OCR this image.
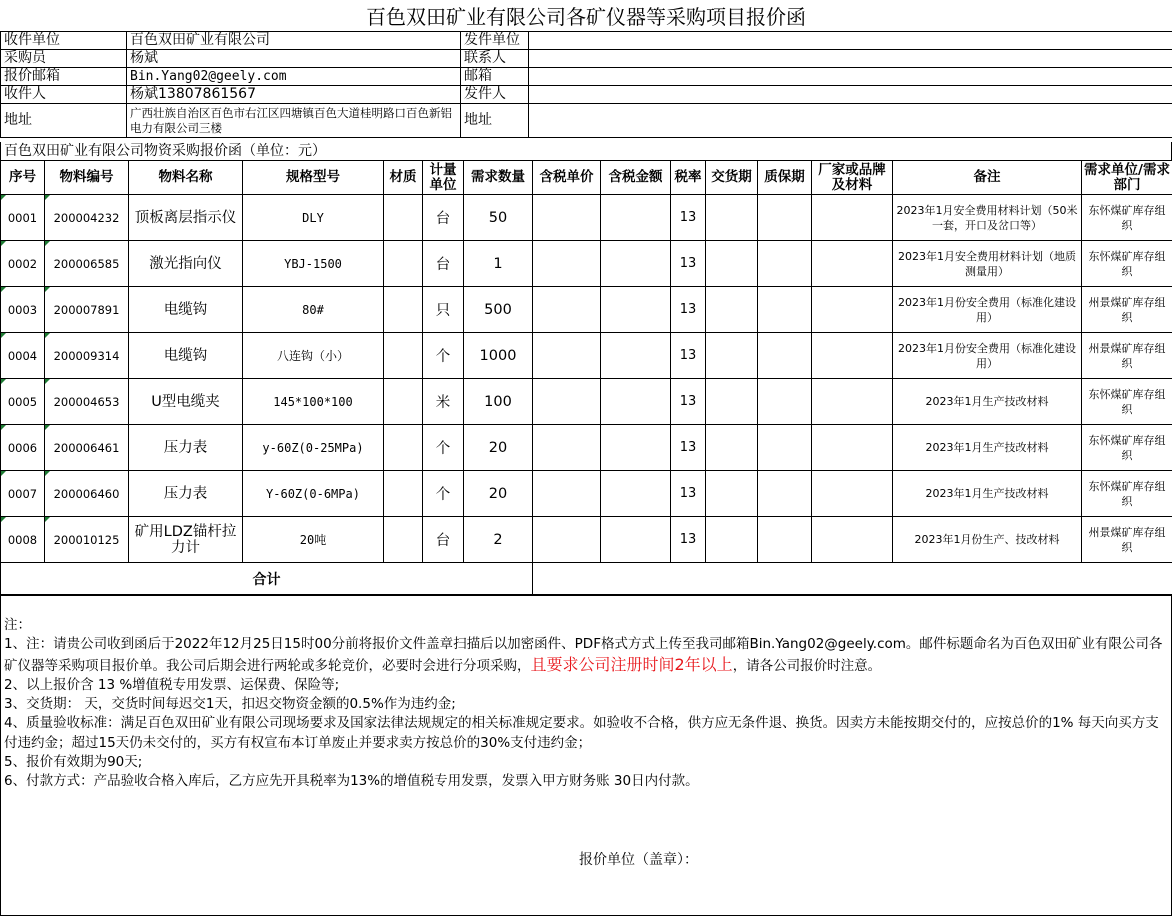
百色双田矿业有限公司各矿仪器等采购项目报价函
收件单位	百色双田矿业有限公司	发件单位	
采购员	杨斌	联系人	
报价邮箱	Bin.Yang02@geely.com	邮箱	
收件人	杨斌13807861567	发件人	
地址	广西壮族自治区百色市右江区四塘镇百色大道桂明路口百色新铝电力有限公司三楼	地址	
百色双田矿业有限公司物资采购报价函（单位：元）
序号	物料编号	物料名称	规格型号	材质	计量单位	需求数量	含税单价	含税金额	税率	交货期	质保期	厂家或品牌及材料	备注	需求单位/需求部门
0001	200004232	顶板离层指示仪	DLY		台	50			13				2023年1月安全费用材料计划（50米一套，开口及岔口等）	东怀煤矿库存组织
0002	200006585	激光指向仪	YBJ-1500		台	1			13				2023年1月安全费用材料计划（地质测量用）	东怀煤矿库存组织
0003	200007891	电缆钩	80#		只	500			13				2023年1月份安全费用（标准化建设用）	州景煤矿库存组织
0004	200009314	电缆钩	八连钩（小）		个	1000			13				2023年1月份安全费用（标准化建设用）	州景煤矿库存组织
0005	200004653	U型电缆夹	145*100*100		米	100			13				2023年1月生产技改材料	东怀煤矿库存组织
0006	200006461	压力表	y-60Z(0-25MPa)		个	20			13				2023年1月生产技改材料	东怀煤矿库存组织
0007	200006460	压力表	Y-60Z(0-6MPa)		个	20			13				2023年1月生产技改材料	东怀煤矿库存组织
0008	200010125	矿用LDZ锚杆拉力计	20吨		台	2			13				2023年1月份生产、技改材料	州景煤矿库存组织
合计														
注：
1、注：请贵公司收到函后于2022年12月25日15时00分前将报价文件盖章扫描后以加密函件、PDF格式方式上传至我司邮箱Bin.Yang02@geely.com。邮件标题命名为百色双田矿业有限公司各矿仪器等采购项目报价单。我公司后期会进行两轮或多轮竞价，必要时会进行分项采购，且要求公司注册时间2年以上，请各公司报价时注意。
2、以上报价含 13 %增值税专用发票、运保费、保险等;
3、交货期： 天，交货时间每迟交1天，扣迟交物资金额的0.5%作为违约金;
4、质量验收标准：满足百色双田矿业有限公司现场要求及国家法律法规规定的相关标准规定要求。如验收不合格，供方应无条件退、换货。因卖方未能按期交付的，应按总价的1% 每天向买方支付违约金；超过15天仍未交付的，买方有权宣布本订单废止并要求卖方按总价的30%支付违约金；
5、报价有效期为90天;
6、付款方式：产品验收合格入库后，乙方应先开具税率为13%的增值税专用发票，发票入甲方财务账 30日内付款。
报价单位（盖章）：
